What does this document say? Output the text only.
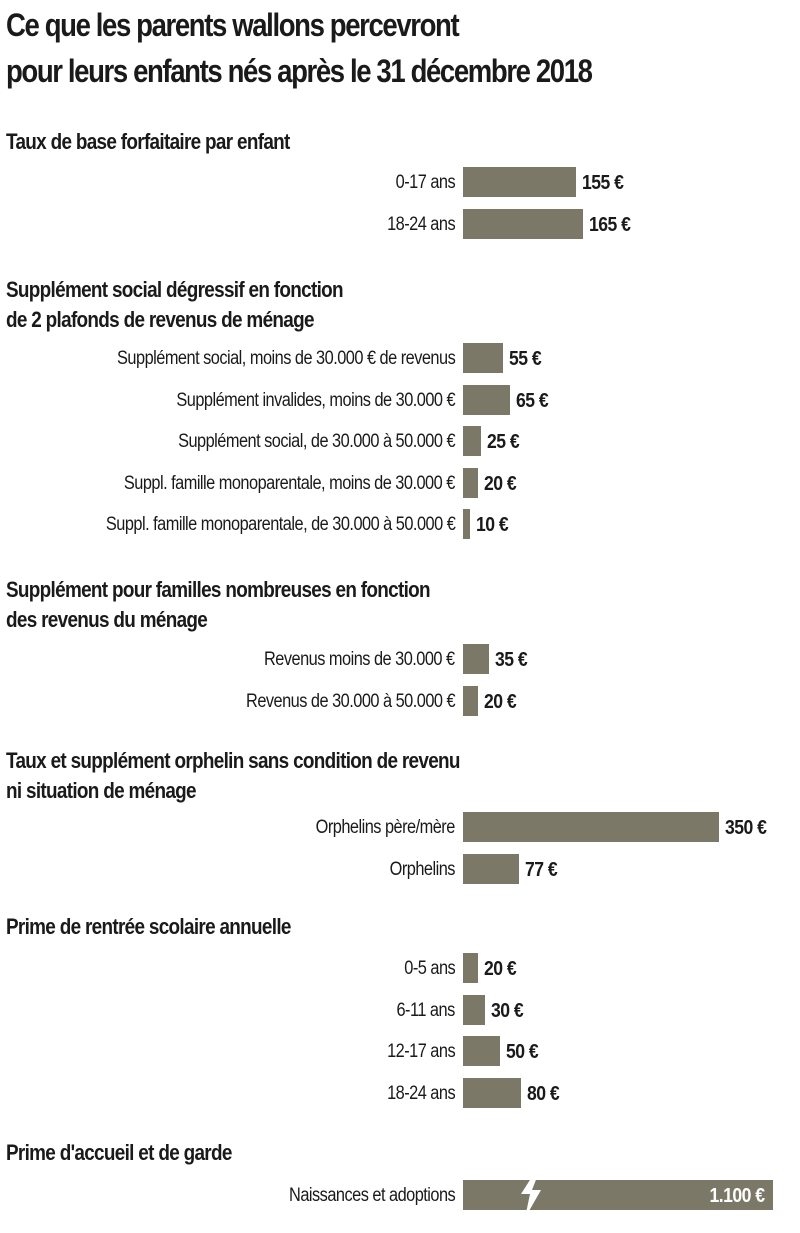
Ce que les parents wallons percevront
pour leurs enfants nés après le 31 décembre 2018
Taux de base forfaitaire par enfant
0-17 ans	155 €
18-24 ans	165 €
Supplément social dégressif en fonction
de 2 plafonds de revenus de ménage
Supplément social, moins de 30.000 € de revenus	55 €
Supplément invalides, moins de 30.000 €	65 €
Supplément social, de 30.000 à 50.000 € 25 €
Suppl. famille monoparentale, moins de 30.000 € 20 €
Suppl. famille monoparentale, de 30.000 à 50.000 € 10 €
Supplément pour familles nombreuses en fonction
des revenus du ménage
Revenus moins de 30.000 € 35 €
Revenus de 30.000 à 50.000 € 20 €
Taux et supplément orphelin sans condition de revenu
ni situation de ménage
Orphelins père/mère	350 €
Orphelins	77 €
Prime de rentrée scolaire annuelle
0-5 ans 20 €
6-11 ans 30 €
12-17 ans	50 €
18-24 ans	80 €
Prime d'accueil et de garde
Naissances et adoptions	1.100 €
